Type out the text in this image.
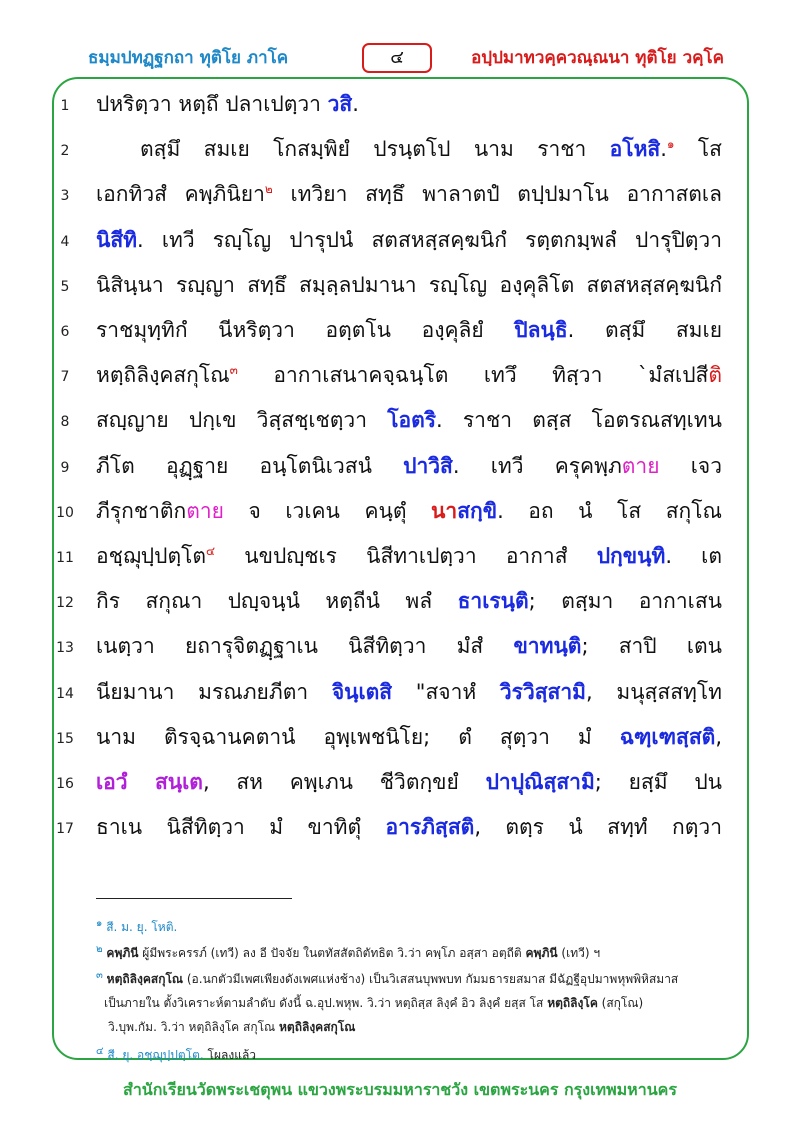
ธมฺมปทฏฺฐกถา ทุติโย ภาโค	๔	อปฺปมาทวคฺควณฺณนา ทุติโย วคฺโค
1	ปหริตฺวา หตฺถึ ปลาเปตฺวา วสิ.
2	ตสฺมึ สมเย โกสมฺพิยํ ปรนฺตโป นาม ราชา อโหสิ.$^๑$ โส
3	เอกทิวสํ คพฺภินิยา$^๒$ เทวิยา สทฺธึ พาลาตปํ ตปฺปมาโน อากาสตเล
4	นิสีทิ. เทวี รญฺโญ ปารุปนํ สตสหสฺสคฺฆนิกํ รตฺตกมฺพลํ ปารุปิตฺวา
5	นิสินฺนา รญฺญา สทฺธึ สมฺลฺลปมานา รญฺโญ องฺคุลิโต สตสหสฺสคฺฆนิกํ
6	ราชมุทฺทิกํ นีหริตฺวา อตฺตโน องฺคุลิยํ ปิลนฺธิ. ตสฺมึ สมเย
7	หตฺถิลิงฺคสกุโณ$^๓$ อากาเสนาคจฺฉนฺโต เทวึ ทิสฺวา `มํสเปสีติ
8	สญฺญาย ปกฺเข วิสฺสชฺเชตฺวา โอตริ. ราชา ตสฺส โอตรณสทฺเทน
9	ภีโต อุฏฺฐาย อนฺโตนิเวสนํ ปาวิสิ. เทวี ครุคพฺภตาย เจว
10	ภีรุกชาติกตาย จ เวเคน คนฺตุํ นาสกฺขิ. อถ นํ โส สกุโณ
11	อชฺฌุปฺปตฺโต$^๔$ นขปญฺชเร นิสีทาเปตฺวา อากาสํ ปกฺขนฺทิ. เต
12	กิร สกุณา ปญฺจนฺนํ หตฺถีนํ พลํ ธาเรนฺติ; ตสฺมา อากาเสน
13	เนตฺวา ยถารุจิตฏฺฐาเน นิสีทิตฺวา มํสํ ขาทนฺติ; สาปิ เตน
14	นียมานา มรณภยภีตา จินฺเตสิ "สจาหํ วิรวิสฺสามิ, มนุสฺสสทฺโท
15	นาม ติรจฺฉานคตานํ อุพฺเพชนิโย; ตํ สุตฺวา มํ ฉฑฺเฑสฺสติ,
16	เอวํ สนฺเต, สห คพฺเภน ชีวิตกฺขยํ ปาปุณิสฺสามิ; ยสฺมึ ปน
17	ธาเน นิสีทิตฺวา มํ ขาทิตุํ อารภิสฺสติ, ตตฺร นํ สทฺทํ กตฺวา
$^๑$ สี. ม. ยุ. โหติ.
$^๒$ คพฺภินี ผู้มีพระครรภ์ (เทวี) ลง อี ปัจจัย ในตทัสสัตถิตัทธิต วิ.ว่า คพฺโภ อสฺสา อตฺถีติ คพฺภินี (เทวี) ฯ
$^๓$ หตฺถิลิงฺคสกุโณ (อ.นกตัวมีเพศเพียงดังเพศแห่งช้าง) เป็นวิเสสนบุพพบท กัมมธารยสมาส มีฉัฏฐีอุปมาพหุพพิหิสมาส
เป็นภายใน ตั้งวิเคราะห์ตามลำดับ ดังนี้ ฉ.อุป.พหุพ. วิ.ว่า หตฺถิสฺส ลิงฺคํ อิว ลิงฺคํ ยสฺส โส หตฺถิลิงฺโค (สกุโณ)
วิ.บุพ.กัม. วิ.ว่า หตฺถิลิงฺโค สกุโณ หตฺถิลิงฺคสกุโณ
$^๔$ สี. ยุ. อชฺฌุปฺปตฺโต. โผลงแล้ว
สำนักเรียนวัดพระเชตุพน แขวงพระบรมมหาราชวัง เขตพระนคร กรุงเทพมหานคร
